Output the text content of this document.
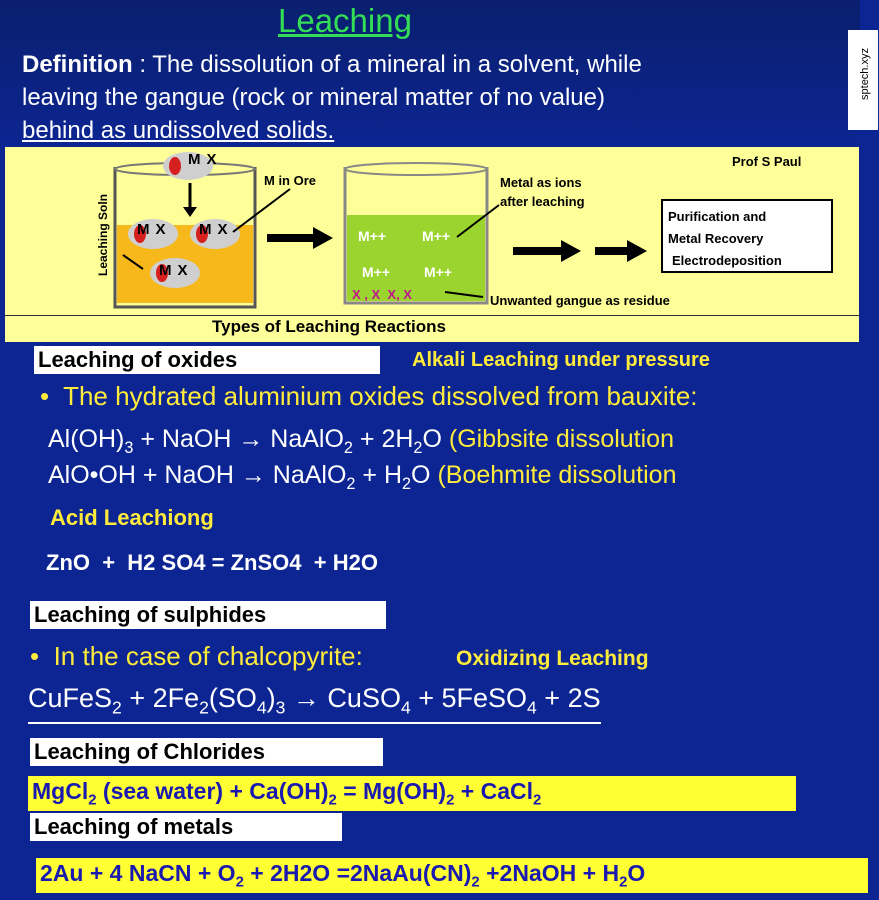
Leaching
Definition : The dissolution of a mineral in a solvent, while
leaving the gangue (rock or mineral matter of no value)
behind as undissolved solids.
sptech.xyz
M X
M X M X
M X
Leaching Soln
M in Ore	Metal as ions
after leaching
M++	M++
M++ M++
X , X  X, X	Unwanted gangue as residue
Prof S Paul
Purification and
Metal Recovery
Electrodeposition
Types of Leaching Reactions
Leaching of oxides	Alkali Leaching under pressure
•  The hydrated aluminium oxides dissolved from bauxite:
$Al(OH)_3$ + NaOH → NaAlO$_2$ + $2H_2O$ (Gibbsite dissolution
AlO•OH + NaOH → NaAlO$_2$ + $H_2O$ (Boehmite dissolution
Acid Leachiong
ZnO  +  H2 SO4 = ZnSO4  + H2O
Leaching of sulphides
•  In the case of chalcopyrite:	Oxidizing Leaching
CuFeS$_2$ + $2Fe_2(SO_4)_3$ → CuSO$_4$ + 5FeSO$_4$ + 2S
Leaching of Chlorides
MgCl$_2$ (sea water) + $Ca(OH)_2 = Mg(OH)_2$ + CaCl$_2$
Leaching of metals
2Au + 4 NaCN + $O_2 + 2H2O$ $=2NaAu(CN)_2$ +2NaOH + $H_2O$
